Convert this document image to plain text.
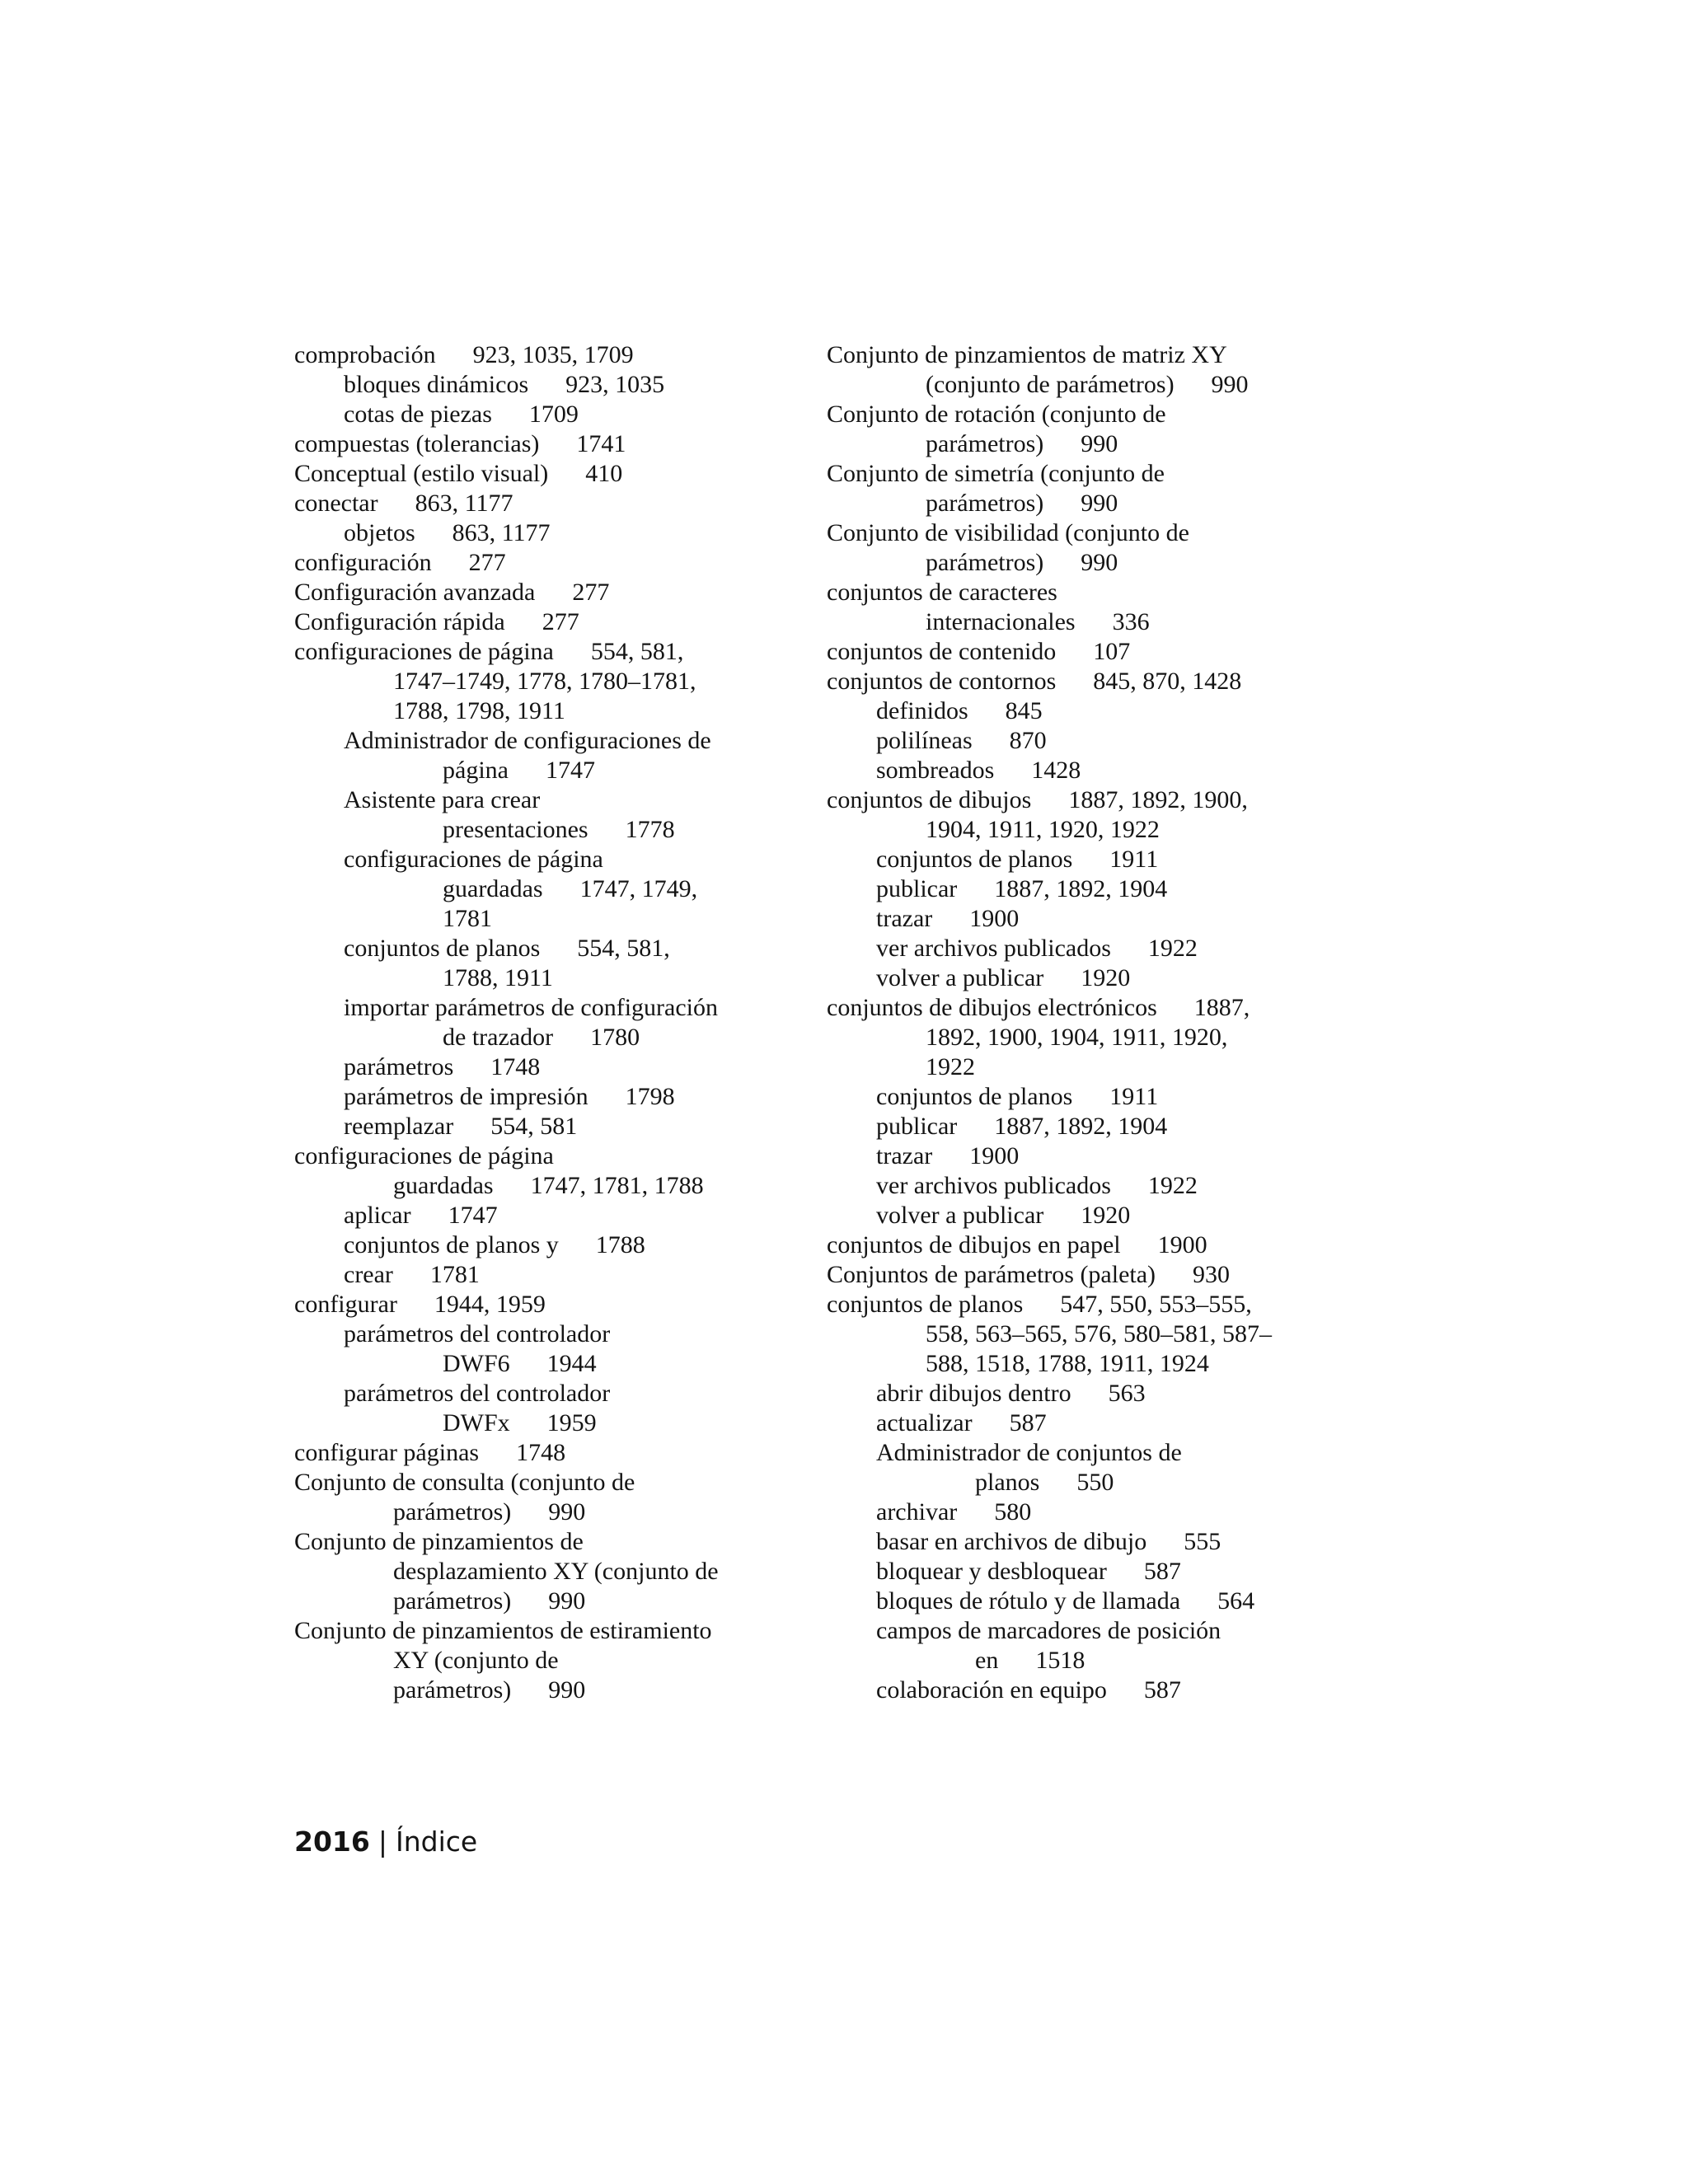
comprobación  923, 1035, 1709
bloques dinámicos  923, 1035
cotas de piezas  1709
compuestas (tolerancias)  1741
Conceptual (estilo visual)  410
conectar  863, 1177
objetos  863, 1177
configuración  277
Configuración avanzada  277
Configuración rápida  277
configuraciones de página  554, 581,
1747–1749, 1778, 1780–1781,
1788, 1798, 1911
Administrador de configuraciones de
página  1747
Asistente para crear
presentaciones  1778
configuraciones de página
guardadas  1747, 1749,
1781
conjuntos de planos  554, 581,
1788, 1911
importar parámetros de configuración
de trazador  1780
parámetros  1748
parámetros de impresión  1798
reemplazar  554, 581
configuraciones de página
guardadas  1747, 1781, 1788
aplicar  1747
conjuntos de planos y  1788
crear  1781
configurar  1944, 1959
parámetros del controlador
DWF6  1944
parámetros del controlador
DWFx  1959
configurar páginas  1748
Conjunto de consulta (conjunto de
parámetros)  990
Conjunto de pinzamientos de
desplazamiento XY (conjunto de
parámetros)  990
Conjunto de pinzamientos de estiramiento
XY (conjunto de
parámetros)  990
Conjunto de pinzamientos de matriz XY
(conjunto de parámetros)  990
Conjunto de rotación (conjunto de
parámetros)  990
Conjunto de simetría (conjunto de
parámetros)  990
Conjunto de visibilidad (conjunto de
parámetros)  990
conjuntos de caracteres
internacionales  336
conjuntos de contenido  107
conjuntos de contornos  845, 870, 1428
definidos  845
polilíneas  870
sombreados  1428
conjuntos de dibujos  1887, 1892, 1900,
1904, 1911, 1920, 1922
conjuntos de planos  1911
publicar  1887, 1892, 1904
trazar  1900
ver archivos publicados  1922
volver a publicar  1920
conjuntos de dibujos electrónicos  1887,
1892, 1900, 1904, 1911, 1920,
1922
conjuntos de planos  1911
publicar  1887, 1892, 1904
trazar  1900
ver archivos publicados  1922
volver a publicar  1920
conjuntos de dibujos en papel  1900
Conjuntos de parámetros (paleta)  930
conjuntos de planos  547, 550, 553–555,
558, 563–565, 576, 580–581, 587–
588, 1518, 1788, 1911, 1924
abrir dibujos dentro  563
actualizar  587
Administrador de conjuntos de
planos  550
archivar  580
basar en archivos de dibujo  555
bloquear y desbloquear  587
bloques de rótulo y de llamada  564
campos de marcadores de posición
en  1518
colaboración en equipo  587
2016 | Índice
